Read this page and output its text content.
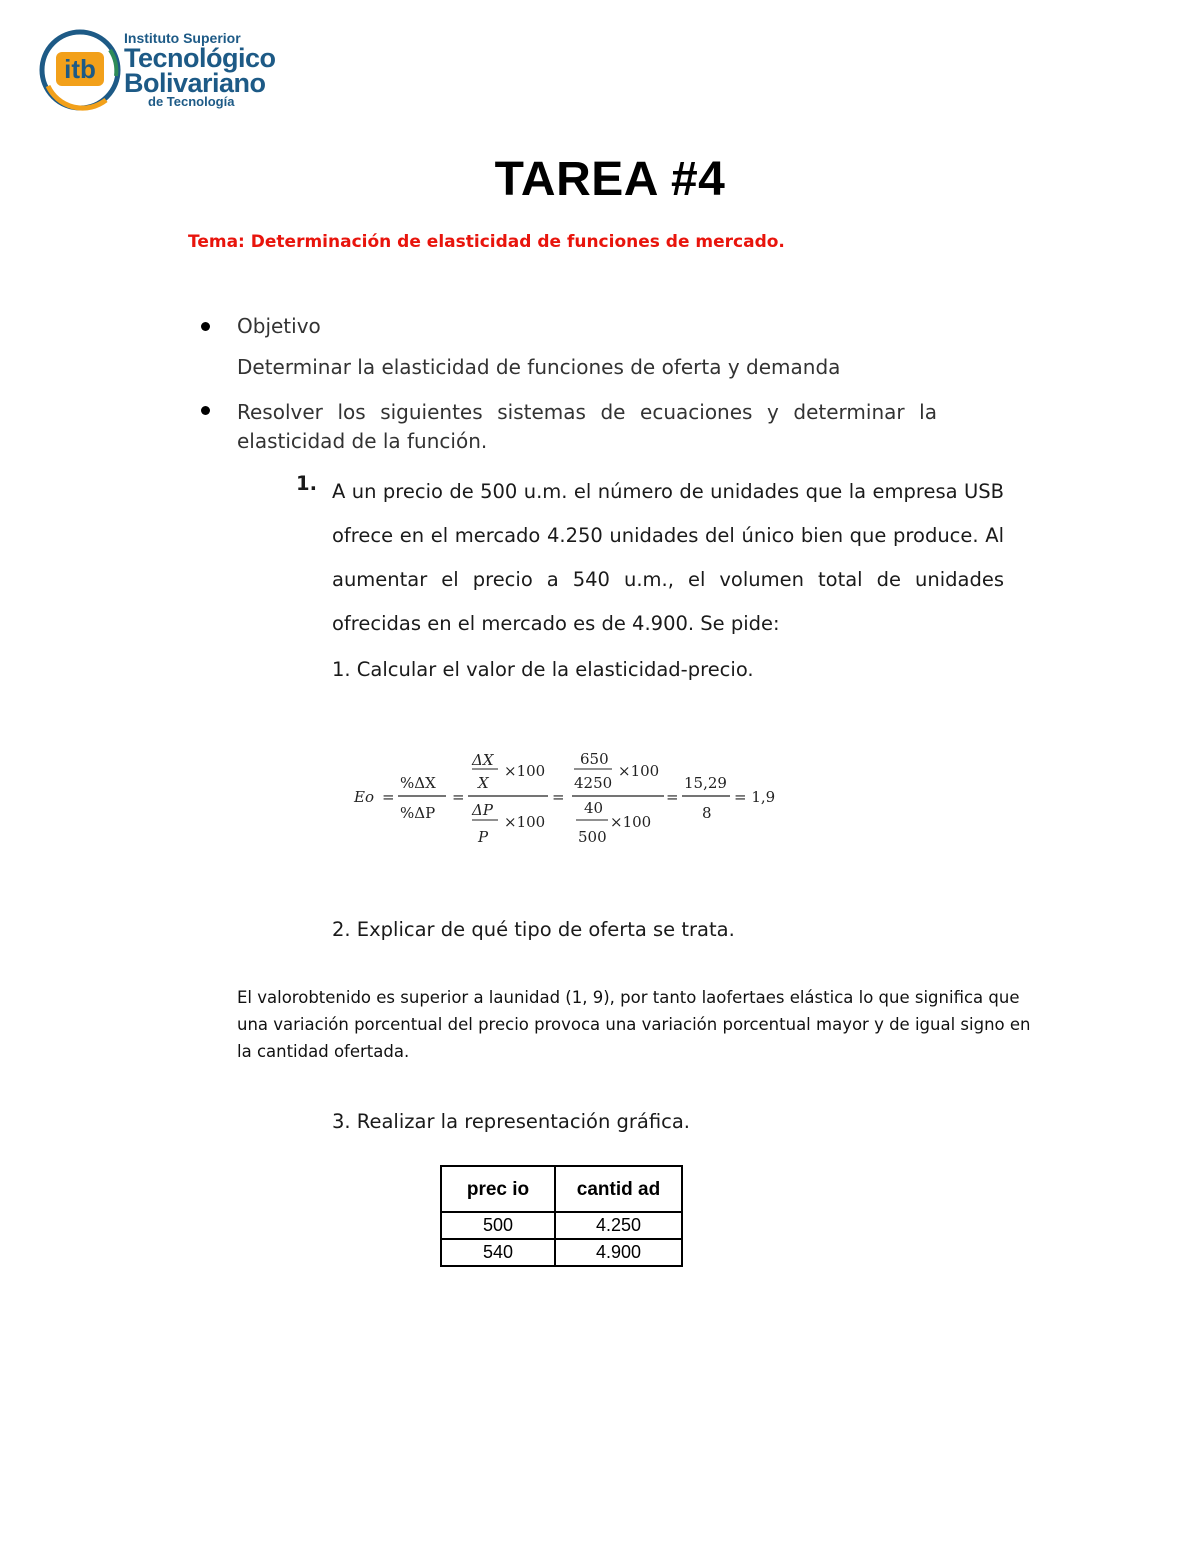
itb
Instituto Superior
Tecnológico
Bolivariano
de Tecnología
TAREA #4
Tema: Determinación de elasticidad de funciones de mercado.
Objetivo
Determinar la elasticidad de funciones de oferta y demanda
Resolver los siguientes sistemas de ecuaciones y determinar la elasticidad de la función.
1. A un precio de 500 u.m. el número de unidades que la empresa USB ofrece en el mercado 4.250 unidades del único bien que produce. Al aumentar el precio a 540 u.m., el volumen total de unidades ofrecidas en el mercado es de 4.900. Se pide:
1. Calcular el valor de la elasticidad-precio.
Eo =
%ΔX
%ΔP
=
ΔX
X
×100
ΔP
P
×100
=
650
4250
×100
40
500
×100
=
15,29
8
= 1,9
2. Explicar de qué tipo de oferta se trata.
El valorobtenido es superior a launidad (1, 9), por tanto laofertaes elástica lo que significa que una variación porcentual del precio provoca una variación porcentual mayor y de igual signo en la cantidad ofertada.
3. Realizar la representación gráfica.
prec io	cantid ad
500	4.250
540	4.900
